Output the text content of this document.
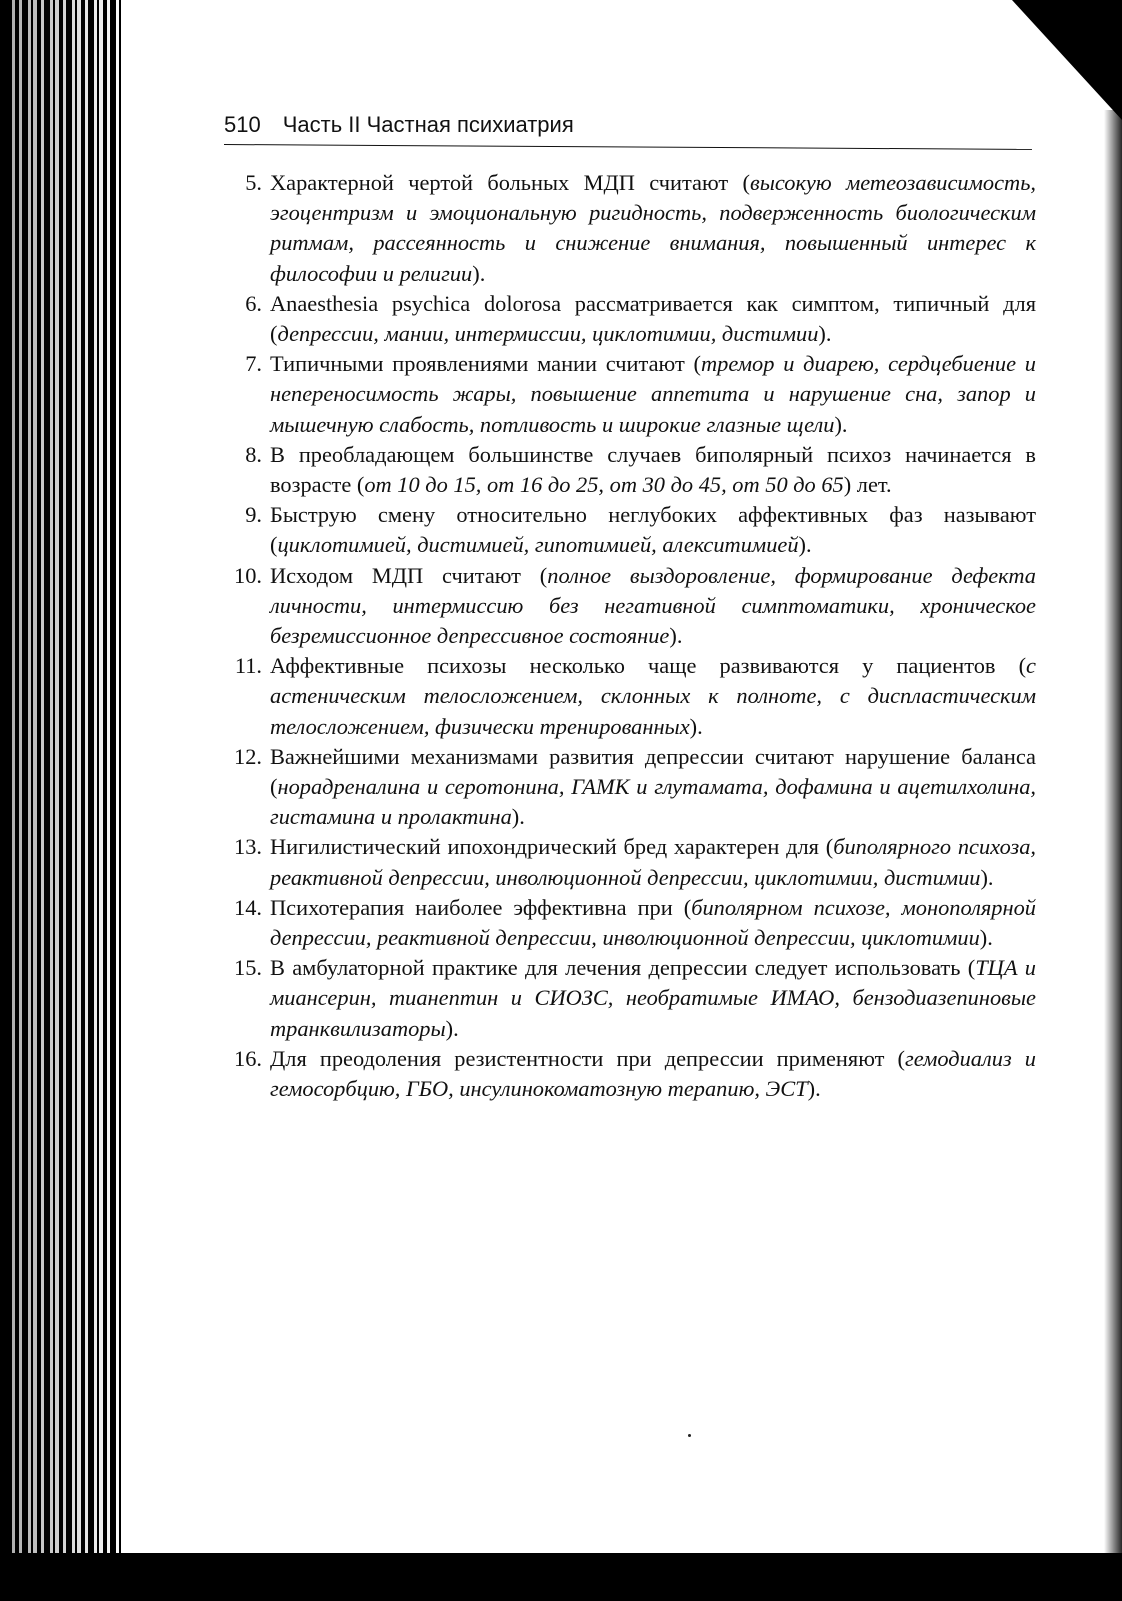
510 Часть II Частная психиатрия
5. Характерной чертой больных МДП считают (высокую метеозависимость, эгоцентризм и эмоциональную ригидность, подверженность биологическим ритмам, рассеянность и снижение внимания, повышенный интерес к философии и религии).
6. Anaesthesia psychica dolorosa рассматривается как симптом, типичный для (депрессии, мании, интермиссии, циклотимии, дистимии).
7. Типичными проявлениями мании считают (тремор и диарею, сердцебиение и непереносимость жары, повышение аппетита и нарушение сна, запор и мышечную слабость, потливость и широкие глазные щели).
8. В преобладающем большинстве случаев биполярный психоз начинается в возрасте (от 10 до 15, от 16 до 25, от 30 до 45, от 50 до 65) лет.
9. Быструю смену относительно неглубоких аффективных фаз называют (циклотимией, дистимией, гипотимией, алекситимией).
10. Исходом МДП считают (полное выздоровление, формирование дефекта личности, интермиссию без негативной симптоматики, хроническое безремиссионное депрессивное состояние).
11. Аффективные психозы несколько чаще развиваются у пациентов (с астеническим телосложением, склонных к полноте, с диспластическим телосложением, физически тренированных).
12. Важнейшими механизмами развития депрессии считают нарушение баланса (норадреналина и серотонина, ГАМК и глутамата, дофамина и ацетилхолина, гистамина и пролактина).
13. Нигилистический ипохондрический бред характерен для (биполярного психоза, реактивной депрессии, инволюционной депрессии, циклотимии, дистимии).
14. Психотерапия наиболее эффективна при (биполярном психозе, монополярной депрессии, реактивной депрессии, инволюционной депрессии, циклотимии).
15. В амбулаторной практике для лечения депрессии следует использовать (ТЦА и миансерин, тианептин и СИОЗС, необратимые ИМАО, бензодиазепиновые транквилизаторы).
16. Для преодоления резистентности при депрессии применяют (гемодиализ и гемосорбцию, ГБО, инсулинокоматозную терапию, ЭСТ).
